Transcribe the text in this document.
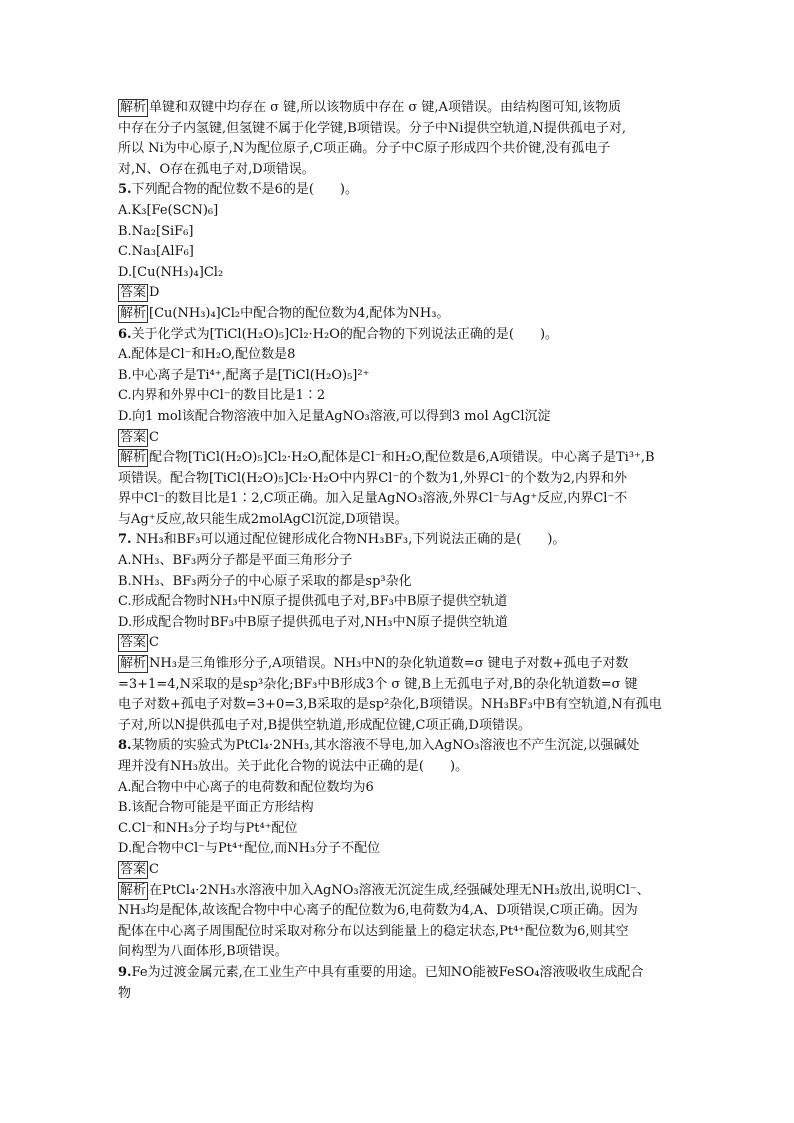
解析 单键和双键中均存在 σ 键,所以该物质中存在 σ 键,A项错误。由结构图可知,该物质
中存在分子内氢键,但氢键不属于化学键,B项错误。分子中Ni提供空轨道,N提供孤电子对,
所以 Ni为中心原子,N为配位原子,C项正确。分子中C原子形成四个共价键,没有孤电子
对,N、O存在孤电子对,D项错误。
5.下列配合物的配位数不是6的是(　　)。
A.K₃[Fe(SCN)₆]
B.Na₂[SiF₆]
C.Na₃[AlF₆]
D.[Cu(NH₃)₄]Cl₂
答案 D
解析 [Cu(NH₃)₄]Cl₂中配合物的配位数为4,配体为NH₃。
6.关于化学式为[TiCl(H₂O)₅]Cl₂·H₂O的配合物的下列说法正确的是(　　)。
A.配体是Cl⁻和H₂O,配位数是8
B.中心离子是Ti⁴⁺,配离子是[TiCl(H₂O)₅]²⁺
C.内界和外界中Cl⁻的数目比是1∶2
D.向1 mol该配合物溶液中加入足量AgNO₃溶液,可以得到3 mol AgCl沉淀
答案 C
解析 配合物[TiCl(H₂O)₅]Cl₂·H₂O,配体是Cl⁻和H₂O,配位数是6,A项错误。中心离子是Ti³⁺,B
项错误。配合物[TiCl(H₂O)₅]Cl₂·H₂O中内界Cl⁻的个数为1,外界Cl⁻的个数为2,内界和外
界中Cl⁻的数目比是1∶2,C项正确。加入足量AgNO₃溶液,外界Cl⁻与Ag⁺反应,内界Cl⁻不
与Ag⁺反应,故只能生成2molAgCl沉淀,D项错误。
7. NH₃和BF₃可以通过配位键形成化合物NH₃BF₃,下列说法正确的是(　　)。
A.NH₃、BF₃两分子都是平面三角形分子
B.NH₃、BF₃两分子的中心原子采取的都是sp³杂化
C.形成配合物时NH₃中N原子提供孤电子对,BF₃中B原子提供空轨道
D.形成配合物时BF₃中B原子提供孤电子对,NH₃中N原子提供空轨道
答案 C
解析 NH₃是三角锥形分子,A项错误。NH₃中N的杂化轨道数=σ 键电子对数+孤电子对数
=3+1=4,N采取的是sp³杂化;BF₃中B形成3个 σ 键,B上无孤电子对,B的杂化轨道数=σ 键
电子对数+孤电子对数=3+0=3,B采取的是sp²杂化,B项错误。NH₃BF₃中B有空轨道,N有孤电
子对,所以N提供孤电子对,B提供空轨道,形成配位键,C项正确,D项错误。
8.某物质的实验式为PtCl₄·2NH₃,其水溶液不导电,加入AgNO₃溶液也不产生沉淀,以强碱处
理并没有NH₃放出。关于此化合物的说法中正确的是(　　)。
A.配合物中中心离子的电荷数和配位数均为6
B.该配合物可能是平面正方形结构
C.Cl⁻和NH₃分子均与Pt⁴⁺配位
D.配合物中Cl⁻与Pt⁴⁺配位,而NH₃分子不配位
答案 C
解析 在PtCl₄·2NH₃水溶液中加入AgNO₃溶液无沉淀生成,经强碱处理无NH₃放出,说明Cl⁻、
NH₃均是配体,故该配合物中中心离子的配位数为6,电荷数为4,A、D项错误,C项正确。因为
配体在中心离子周围配位时采取对称分布以达到能量上的稳定状态,Pt⁴⁺配位数为6,则其空
间构型为八面体形,B项错误。
9.Fe为过渡金属元素,在工业生产中具有重要的用途。已知NO能被FeSO₄溶液吸收生成配合
物
